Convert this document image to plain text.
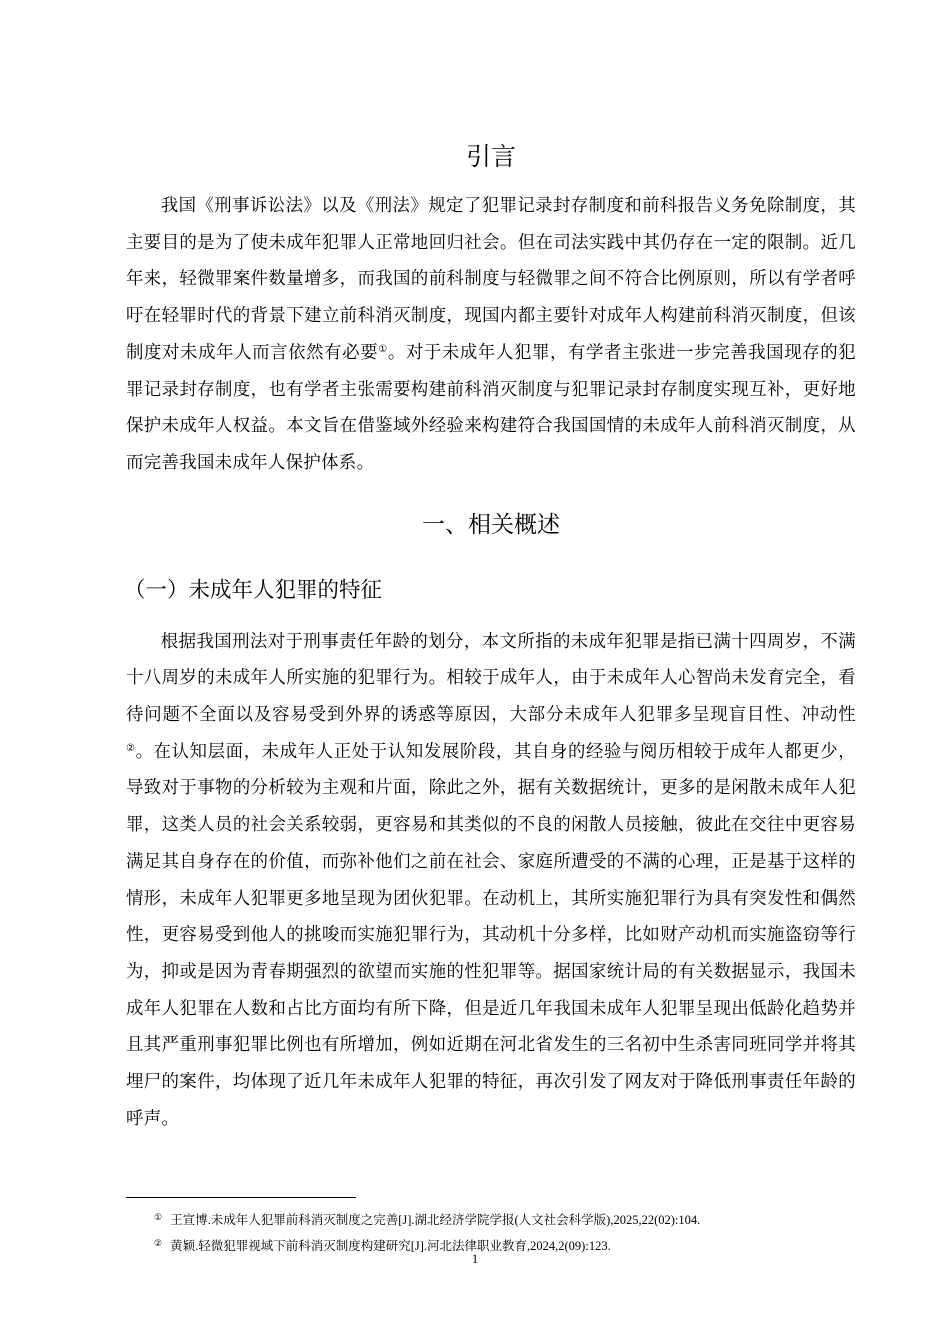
引言

我国《刑事诉讼法》以及《刑法》规定了犯罪记录封存制度和前科报告义务免除制度，其主要目的是为了使未成年犯罪人正常地回归社会。但在司法实践中其仍存在一定的限制。近几年来，轻微罪案件数量增多，而我国的前科制度与轻微罪之间不符合比例原则，所以有学者呼吁在轻罪时代的背景下建立前科消灭制度，现国内都主要针对成年人构建前科消灭制度，但该制度对未成年人而言依然有必要①。对于未成年人犯罪，有学者主张进一步完善我国现存的犯罪记录封存制度，也有学者主张需要构建前科消灭制度与犯罪记录封存制度实现互补，更好地保护未成年人权益。本文旨在借鉴域外经验来构建符合我国国情的未成年人前科消灭制度，从而完善我国未成年人保护体系。

一、相关概述
（一）未成年人犯罪的特征

根据我国刑法对于刑事责任年龄的划分，本文所指的未成年犯罪是指已满十四周岁，不满十八周岁的未成年人所实施的犯罪行为。相较于成年人，由于未成年人心智尚未发育完全，看待问题不全面以及容易受到外界的诱惑等原因，大部分未成年人犯罪多呈现盲目性、冲动性②。在认知层面，未成年人正处于认知发展阶段，其自身的经验与阅历相较于成年人都更少，导致对于事物的分析较为主观和片面，除此之外，据有关数据统计，更多的是闲散未成年人犯罪，这类人员的社会关系较弱，更容易和其类似的不良的闲散人员接触，彼此在交往中更容易满足其自身存在的价值，而弥补他们之前在社会、家庭所遭受的不满的心理，正是基于这样的情形，未成年人犯罪更多地呈现为团伙犯罪。在动机上，其所实施犯罪行为具有突发性和偶然性，更容易受到他人的挑唆而实施犯罪行为，其动机十分多样，比如财产动机而实施盗窃等行为，抑或是因为青春期强烈的欲望而实施的性犯罪等。据国家统计局的有关数据显示，我国未成年人犯罪在人数和占比方面均有所下降，但是近几年我国未成年人犯罪呈现出低龄化趋势并且其严重刑事犯罪比例也有所增加，例如近期在河北省发生的三名初中生杀害同班同学并将其埋尸的案件，均体现了近几年未成年人犯罪的特征，再次引发了网友对于降低刑事责任年龄的呼声。

① 王宣博.未成年人犯罪前科消灭制度之完善[J].湖北经济学院学报(人文社会科学版),2025,22(02):104.
② 黄颖.轻微犯罪视域下前科消灭制度构建研究[J].河北法律职业教育,2024,2(09):123.
1
